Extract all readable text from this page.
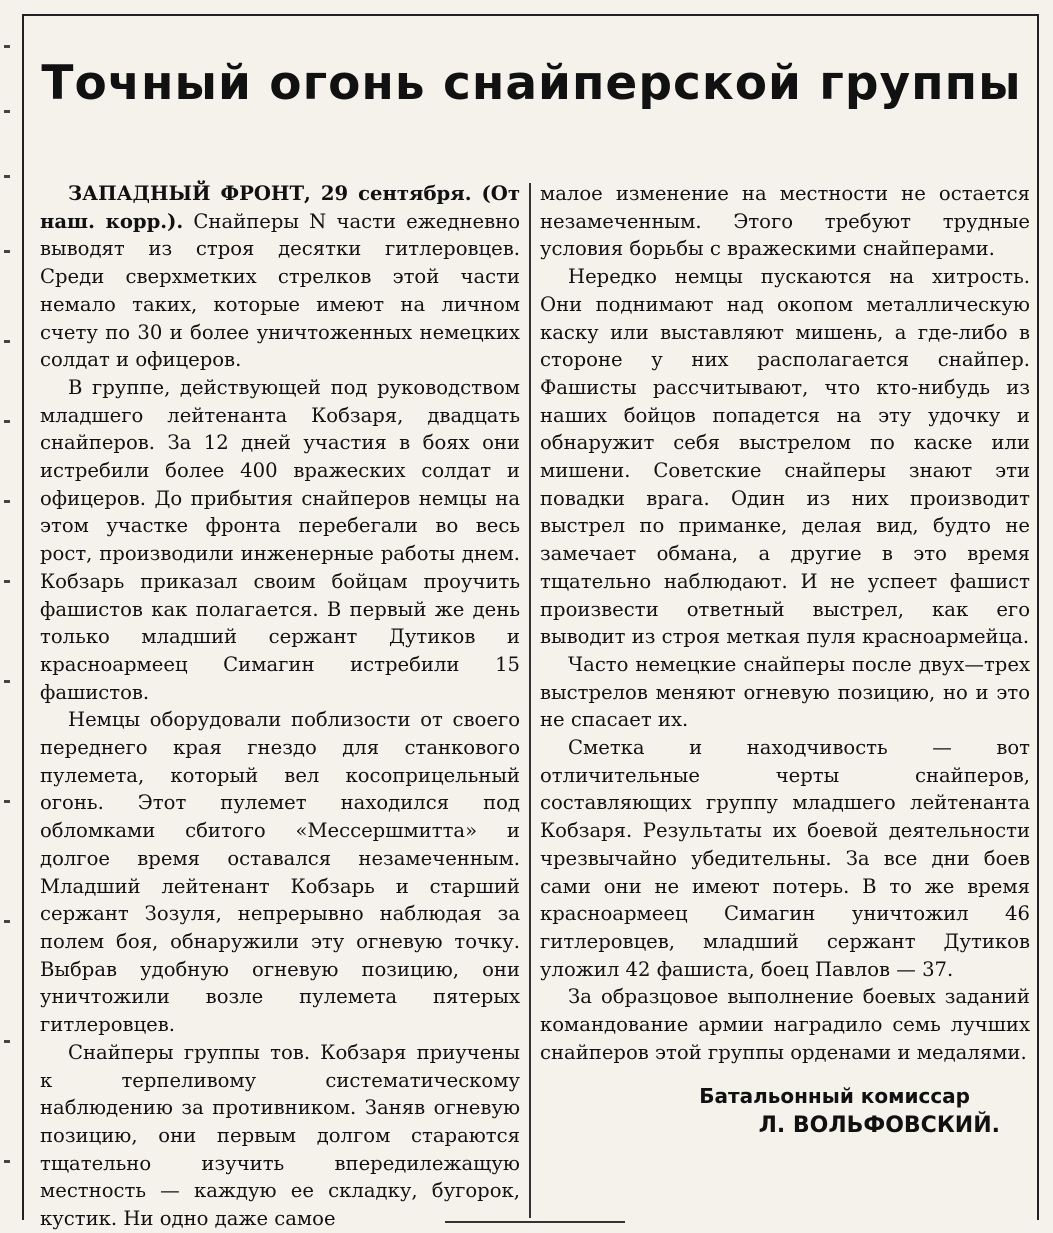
Точный огонь снайперской группы

ЗАПАДНЫЙ ФРОНТ, 29 сентября. (От наш. корр.). Снайперы N части ежедневно выводят из строя десятки гитлеровцев. Среди сверхметких стрелков этой части немало таких, которые имеют на личном счету по 30 и более уничтоженных немецких солдат и офицеров.

В группе, действующей под руководством младшего лейтенанта Кобзаря, двадцать снайперов. За 12 дней участия в боях они истребили более 400 вражеских солдат и офицеров. До прибытия снайперов немцы на этом участке фронта перебегали во весь рост, производили инженерные работы днем. Кобзарь приказал своим бойцам проучить фашистов как полагается. В первый же день только младший сержант Дутиков и красноармеец Симагин истребили 15 фашистов.

Немцы оборудовали поблизости от своего переднего края гнездо для станкового пулемета, который вел косоприцельный огонь. Этот пулемет находился под обломками сбитого «Мессершмитта» и долгое время оставался незамеченным. Младший лейтенант Кобзарь и старший сержант Зозуля, непрерывно наблюдая за полем боя, обнаружили эту огневую точку. Выбрав удобную огневую позицию, они уничтожили возле пулемета пятерых гитлеровцев.

Снайперы группы тов. Кобзаря приучены к терпеливому систематическому наблюдению за противником. Заняв огневую позицию, они первым долгом стараются тщательно изучить впередилежащую местность — каждую ее складку, бугорок, кустик. Ни одно даже самое

малое изменение на местности не остается незамеченным. Этого требуют трудные условия борьбы с вражескими снайперами.

Нередко немцы пускаются на хитрость. Они поднимают над окопом металлическую каску или выставляют мишень, а где-либо в стороне у них располагается снайпер. Фашисты рассчитывают, что кто-нибудь из наших бойцов попадется на эту удочку и обнаружит себя выстрелом по каске или мишени. Советские снайперы знают эти повадки врага. Один из них производит выстрел по приманке, делая вид, будто не замечает обмана, а другие в это время тщательно наблюдают. И не успеет фашист произвести ответный выстрел, как его выводит из строя меткая пуля красноармейца.

Часто немецкие снайперы после двух—трех выстрелов меняют огневую позицию, но и это не спасает их.

Сметка и находчивость — вот отличительные черты снайперов, составляющих группу младшего лейтенанта Кобзаря. Результаты их боевой деятельности чрезвычайно убедительны. За все дни боев сами они не имеют потерь. В то же время красноармеец Симагин уничтожил 46 гитлеровцев, младший сержант Дутиков уложил 42 фашиста, боец Павлов — 37.

За образцовое выполнение боевых заданий командование армии наградило семь лучших снайперов этой группы орденами и медалями.

Батальонный комиссар
Л. ВОЛЬФОВСКИЙ.
